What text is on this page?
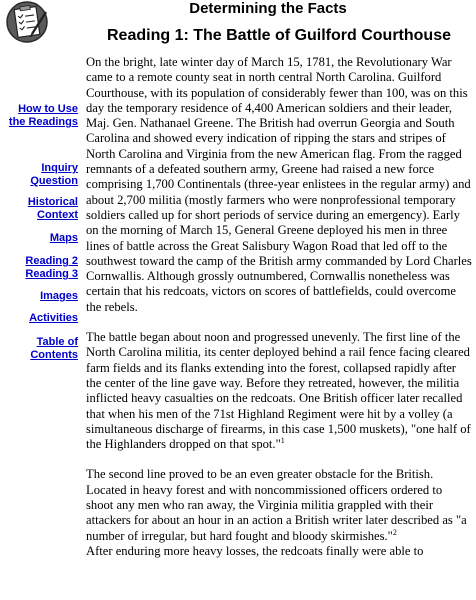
Determining the Facts
How to Use the Readings
Inquiry Question
Historical Context
Maps
Reading 2
Reading 3
Images
Activities
Table of Contents
Reading 1: The Battle of Guilford Courthouse

On the bright, late winter day of March 15, 1781, the Revolutionary War came to a remote county seat in north central North Carolina. Guilford Courthouse, with its population of considerably fewer than 100, was on this day the temporary residence of 4,400 American soldiers and their leader, Maj. Gen. Nathanael Greene. The British had overrun Georgia and South Carolina and showed every indication of ripping the stars and stripes of North Carolina and Virginia from the new American flag. From the ragged remnants of a defeated southern army, Greene had raised a new force comprising 1,700 Continentals (three-year enlistees in the regular army) and about 2,700 militia (mostly farmers who were nonprofessional temporary soldiers called up for short periods of service during an emergency). Early on the morning of March 15, General Greene deployed his men in three lines of battle across the Great Salisbury Wagon Road that led off to the southwest toward the camp of the British army commanded by Lord Charles Cornwallis. Although grossly outnumbered, Cornwallis nonetheless was certain that his redcoats, victors on scores of battlefields, could overcome the rebels.

The battle began about noon and progressed unevenly. The first line of the North Carolina militia, its center deployed behind a rail fence facing cleared farm fields and its flanks extending into the forest, collapsed rapidly after the center of the line gave way. Before they retreated, however, the militia inflicted heavy casualties on the redcoats. One British officer later recalled that when his men of the 71st Highland Regiment were hit by a volley (a simultaneous discharge of firearms, in this case 1,500 muskets), "one half of the Highlanders dropped on that spot."$^1$

The second line proved to be an even greater obstacle for the British. Located in heavy forest and with noncommissioned officers ordered to shoot any men who ran away, the Virginia militia grappled with their attackers for about an hour in an action a British writer later described as "a number of irregular, but hard fought and bloody skirmishes."$^2$
After enduring more heavy losses, the redcoats finally were able to
